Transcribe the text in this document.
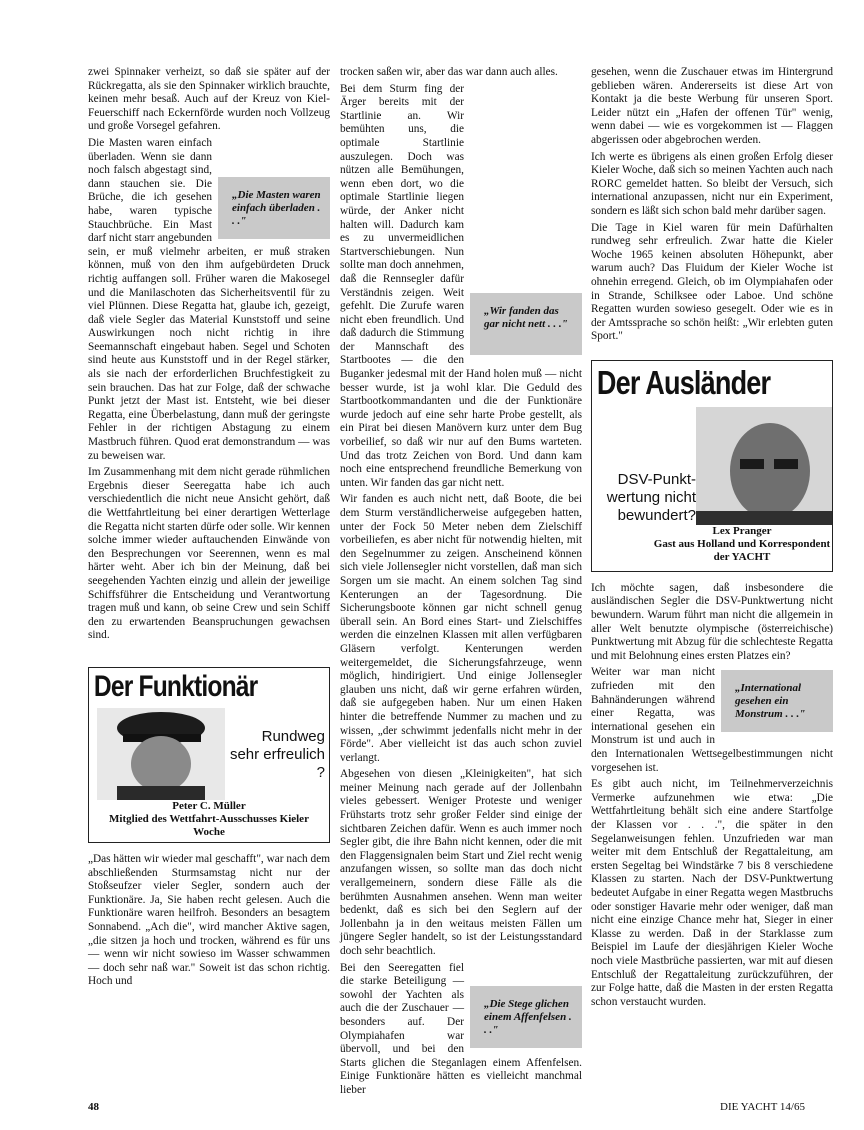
zwei Spinnaker verheizt, so daß sie später auf der Rückregatta, als sie den Spinnaker wirklich brauchte, keinen mehr besaß. Auch auf der Kreuz von Kiel-Feuerschiff nach Eckernförde wurden noch Vollzeug und große Vorsegel gefahren.

„Die Masten waren einfach überladen . . ."

Die Masten waren einfach überladen. Wenn sie dann noch falsch abgestagt sind, dann stauchen sie. Die Brüche, die ich gesehen habe, waren typische Stauchbrüche. Ein Mast darf nicht starr angebunden sein, er muß vielmehr arbeiten, er muß straken können, muß von den ihm aufgebürdeten Druck richtig auffangen soll. Früher waren die Makosegel und die Manilaschoten das Sicherheitsventil für zu viel Plünnen. Diese Regatta hat, glaube ich, gezeigt, daß viele Segler das Material Kunststoff und seine Auswirkungen noch nicht richtig in ihre Seemannschaft eingebaut haben. Segel und Schoten sind heute aus Kunststoff und in der Regel stärker, als sie nach der erforderlichen Bruchfestigkeit zu sein brauchen. Das hat zur Folge, daß der schwache Punkt jetzt der Mast ist. Entsteht, wie bei dieser Regatta, eine Überbelastung, dann muß der geringste Fehler in der richtigen Abstagung zu einem Mastbruch führen. Quod erat demonstrandum — was zu beweisen war.

Im Zusammenhang mit dem nicht gerade rühmlichen Ergebnis dieser Seeregatta habe ich auch verschiedentlich die nicht neue Ansicht gehört, daß die Wettfahrtleitung bei einer derartigen Wetterlage die Regatta nicht starten dürfe oder solle. Wir kennen solche immer wieder auftauchenden Einwände von den Besprechungen vor Seerennen, wenn es mal härter weht. Aber ich bin der Meinung, daß bei seegehenden Yachten einzig und allein der jeweilige Schiffsführer die Entscheidung und Verantwortung tragen muß und kann, ob seine Crew und sein Schiff den zu erwartenden Beanspruchungen gewachsen sind.

Der Funktionär
Rundweg sehr erfreulich ?
Peter C. Müller
Mitglied des Wettfahrt-Ausschusses Kieler Woche

„Das hätten wir wieder mal geschafft", war nach dem abschließenden Sturmsamstag nicht nur der Stoßseufzer vieler Segler, sondern auch der Funktionäre. Ja, Sie haben recht gelesen. Auch die Funktionäre waren heilfroh. Besonders an besagtem Sonnabend. „Ach die", wird mancher Aktive sagen, „die sitzen ja hoch und trocken, während es für uns — wenn wir nicht sowieso im Wasser schwammen — doch sehr naß war." Soweit ist das schon richtig. Hoch und

trocken saßen wir, aber das war dann auch alles.

„Wir fanden das gar nicht nett . . ."

Bei dem Sturm fing der Ärger bereits mit der Startlinie an. Wir bemühten uns, die optimale Startlinie auszulegen. Doch was nützen alle Bemühungen, wenn eben dort, wo die optimale Startlinie liegen würde, der Anker nicht halten will. Dadurch kam es zu unvermeidlichen Startverschiebungen. Nun sollte man doch annehmen, daß die Rennsegler dafür Verständnis zeigen. Weit gefehlt. Die Zurufe waren nicht eben freundlich. Und daß dadurch die Stimmung der Mannschaft des Startbootes — die den Buganker jedesmal mit der Hand holen muß — nicht besser wurde, ist ja wohl klar. Die Geduld des Startbootkommandanten und die der Funktionäre wurde jedoch auf eine sehr harte Probe gestellt, als ein Pirat bei diesen Manövern kurz unter dem Bug vorbeilief, so daß wir nur auf den Bums warteten. Und das trotz Zeichen von Bord. Und dann kam noch eine entsprechend freundliche Bemerkung von unten. Wir fanden das gar nicht nett.

Wir fanden es auch nicht nett, daß Boote, die bei dem Sturm verständlicherweise aufgegeben hatten, unter der Fock 50 Meter neben dem Zielschiff vorbeiliefen, es aber nicht für notwendig hielten, mit den Segelnummer zu zeigen. Anscheinend können sich viele Jollensegler nicht vorstellen, daß man sich Sorgen um sie macht. An einem solchen Tag sind Kenterungen an der Tagesordnung. Die Sicherungsboote können gar nicht schnell genug überall sein. An Bord eines Start- und Zielschiffes werden die einzelnen Klassen mit allen verfügbaren Gläsern verfolgt. Kenterungen werden weitergemeldet, die Sicherungsfahrzeuge, wenn möglich, hindirigiert. Und einige Jollensegler glauben uns nicht, daß wir gerne erfahren würden, daß sie aufgegeben haben. Nur um einen Haken hinter die betreffende Nummer zu machen und zu wissen, „der schwimmt jedenfalls nicht mehr in der Förde". Aber vielleicht ist das auch schon zuviel verlangt.

Abgesehen von diesen „Kleinigkeiten", hat sich meiner Meinung nach gerade auf der Jollenbahn vieles gebessert. Weniger Proteste und weniger Frühstarts trotz sehr großer Felder sind einige der sichtbaren Zeichen dafür. Wenn es auch immer noch Segler gibt, die ihre Bahn nicht kennen, oder die mit den Flaggensignalen beim Start und Ziel recht wenig anzufangen wissen, so sollte man das doch nicht verallgemeinern, sondern diese Fälle als die berühmten Ausnahmen ansehen. Wenn man weiter bedenkt, daß es sich bei den Seglern auf der Jollenbahn ja in den weitaus meisten Fällen um jüngere Segler handelt, so ist der Leistungsstandard doch sehr beachtlich.

„Die Stege glichen einem Affenfelsen . . ."

Bei den Seeregatten fiel die starke Beteiligung — sowohl der Yachten als auch die der Zuschauer — besonders auf. Der Olympiahafen war übervoll, und bei den Starts glichen die Steganlagen einem Affenfelsen. Einige Funktionäre hätten es vielleicht manchmal lieber

gesehen, wenn die Zuschauer etwas im Hintergrund geblieben wären. Andererseits ist diese Art von Kontakt ja die beste Werbung für unseren Sport. Leider nützt ein „Hafen der offenen Tür" wenig, wenn dabei — wie es vorgekommen ist — Flaggen abgerissen oder abgebrochen werden.

Ich werte es übrigens als einen großen Erfolg dieser Kieler Woche, daß sich so meinen Yachten auch nach RORC gemeldet hatten. So bleibt der Versuch, sich international anzupassen, nicht nur ein Experiment, sondern es läßt sich schon bald mehr darüber sagen.

Die Tage in Kiel waren für mein Dafürhalten rundweg sehr erfreulich. Zwar hatte die Kieler Woche 1965 keinen absoluten Höhepunkt, aber warum auch? Das Fluidum der Kieler Woche ist ohnehin erregend. Gleich, ob im Olympiahafen oder in Strande, Schilksee oder Laboe. Und schöne Regatten wurden sowieso gesegelt. Oder wie es in der Amtssprache so schön heißt: „Wir erlebten guten Sport."

Der Ausländer
DSV-Punkt-wertung nicht bewundert?
Lex Pranger
Gast aus Holland und Korrespondent der YACHT

Ich möchte sagen, daß insbesondere die ausländischen Segler die DSV-Punktwertung nicht bewundern. Warum führt man nicht die allgemein in aller Welt benutzte olympische (österreichische) Punktwertung mit Abzug für die schlechteste Regatta und mit Belohnung eines ersten Platzes ein?

„International gesehen ein Monstrum . . ."

Weiter war man nicht zufrieden mit den Bahnänderungen während einer Regatta, was international gesehen ein Monstrum ist und auch in den Internationalen Wettsegelbestimmungen nicht vorgesehen ist.

Es gibt auch nicht, im Teilnehmerverzeichnis Vermerke aufzunehmen wie etwa: „Die Wettfahrtleitung behält sich eine andere Startfolge der Klassen vor . . .", die später in den Segelanweisungen fehlen. Unzufrieden war man weiter mit dem Entschluß der Regattaleitung, am ersten Segeltag bei Windstärke 7 bis 8 verschiedene Klassen zu starten. Nach der DSV-Punktwertung bedeutet Aufgabe in einer Regatta wegen Mastbruchs oder sonstiger Havarie mehr oder weniger, daß man nicht eine einzige Chance mehr hat, Sieger in einer Klasse zu werden. Daß in der Starklasse zum Beispiel im Laufe der diesjährigen Kieler Woche noch viele Mastbrüche passierten, war mit auf diesen Entschluß der Regattaleitung zurückzuführen, der zur Folge hatte, daß die Masten in der ersten Regatta schon verstaucht wurden.

48	DIE YACHT 14/65
